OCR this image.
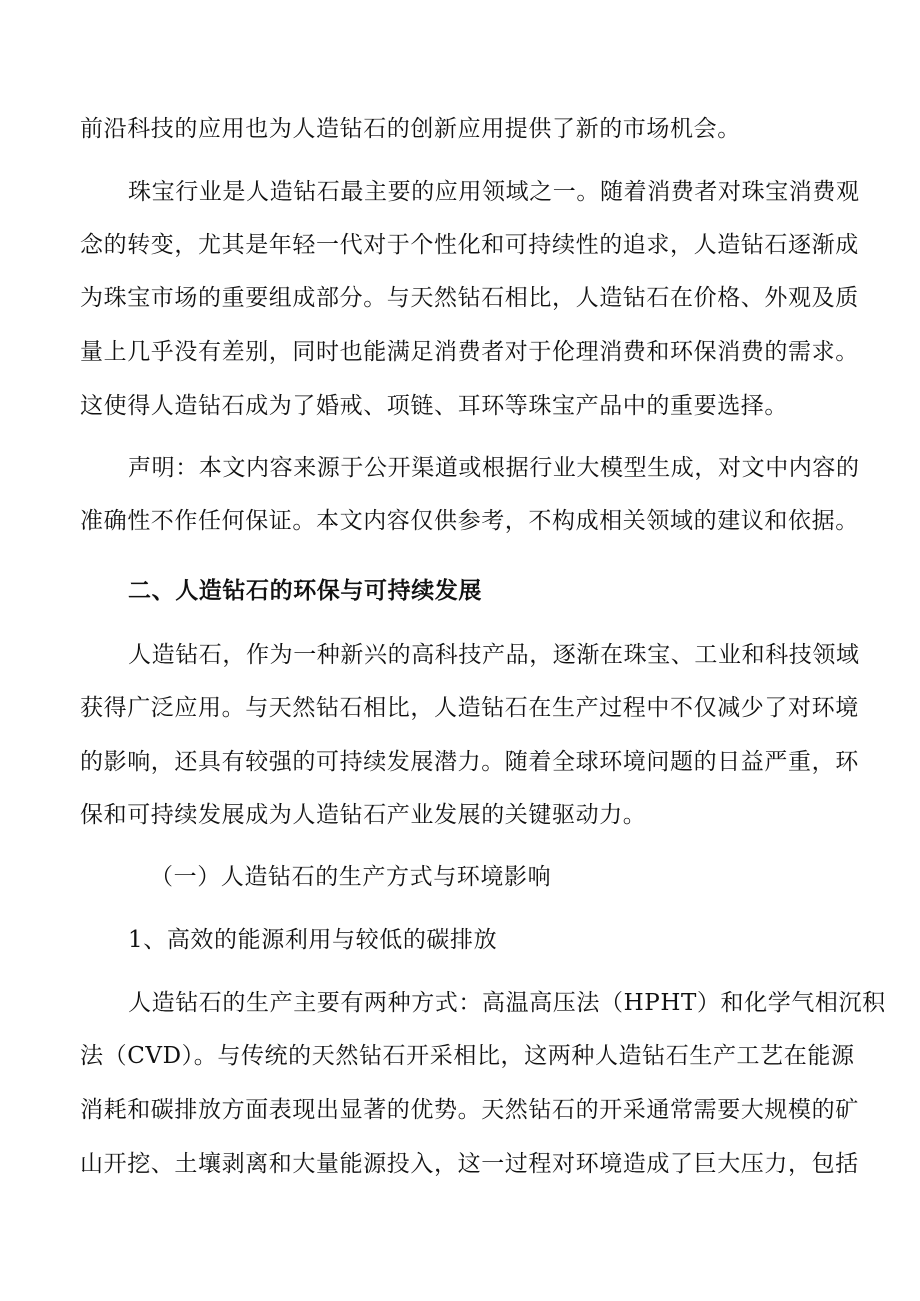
前沿科技的应用也为人造钻石的创新应用提供了新的市场机会。
珠宝行业是人造钻石最主要的应用领域之一。随着消费者对珠宝消费观
念的转变，尤其是年轻一代对于个性化和可持续性的追求，人造钻石逐渐成
为珠宝市场的重要组成部分。与天然钻石相比，人造钻石在价格、外观及质
量上几乎没有差别，同时也能满足消费者对于伦理消费和环保消费的需求。
这使得人造钻石成为了婚戒、项链、耳环等珠宝产品中的重要选择。
声明：本文内容来源于公开渠道或根据行业大模型生成，对文中内容的
准确性不作任何保证。本文内容仅供参考，不构成相关领域的建议和依据。
二、人造钻石的环保与可持续发展
人造钻石，作为一种新兴的高科技产品，逐渐在珠宝、工业和科技领域
获得广泛应用。与天然钻石相比，人造钻石在生产过程中不仅减少了对环境
的影响，还具有较强的可持续发展潜力。随着全球环境问题的日益严重，环
保和可持续发展成为人造钻石产业发展的关键驱动力。
（一）人造钻石的生产方式与环境影响
1、高效的能源利用与较低的碳排放
人造钻石的生产主要有两种方式：高温高压法（HPHT）和化学气相沉积
法（CVD）。与传统的天然钻石开采相比，这两种人造钻石生产工艺在能源
消耗和碳排放方面表现出显著的优势。天然钻石的开采通常需要大规模的矿
山开挖、土壤剥离和大量能源投入，这一过程对环境造成了巨大压力，包括
